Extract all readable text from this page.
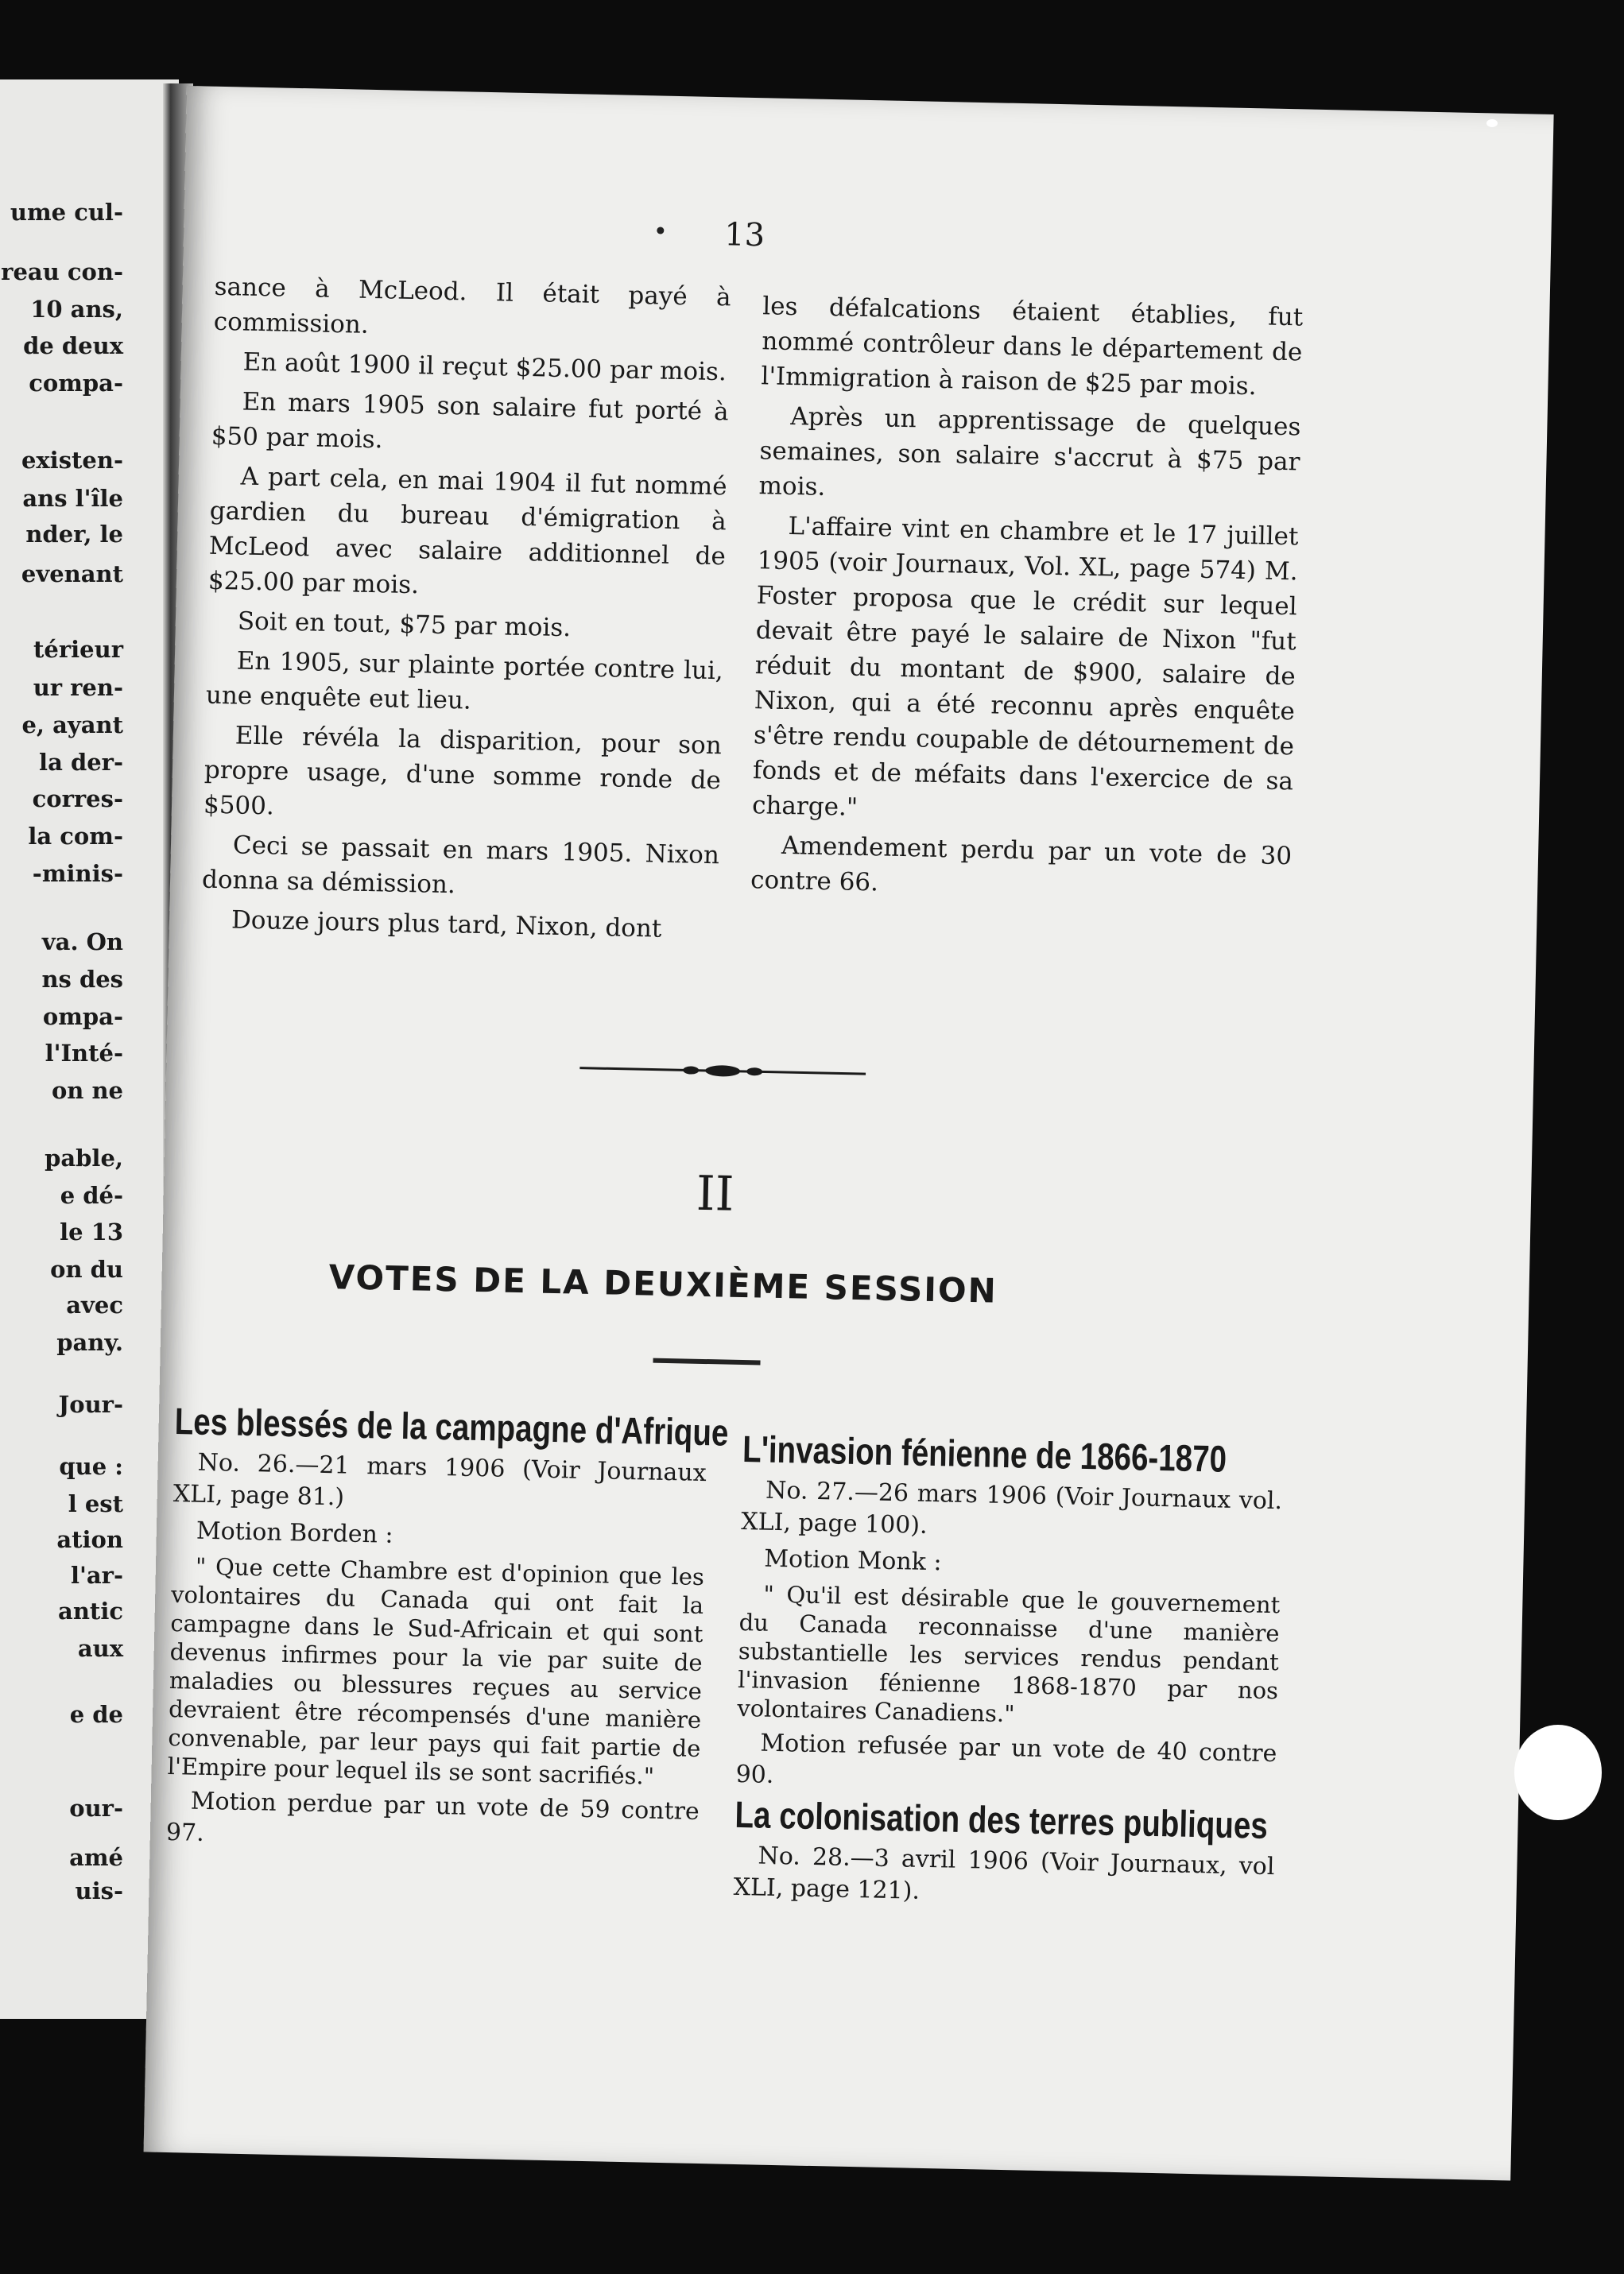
ume cul-
reau con-
10 ans,
de deux
compa-
existen-
ans l'île
nder, le
evenant
térieur
ur ren-
e, ayant
la der-
corres-
la com-
-minis-
va. On
ns des
ompa-
l'Inté-
on ne
pable,
e dé-
le 13
on du
avec
pany.
Jour-
que :
l est
ation
l'ar-
antic
aux
e de
our-
amé
uis-
13

sance à McLeod. Il était payé à commission.

En août 1900 il reçut $25.00 par mois.

En mars 1905 son salaire fut porté à $50 par mois.

A part cela, en mai 1904 il fut nommé gardien du bureau d'émigration à McLeod avec salaire additionnel de $25.00 par mois.

Soit en tout, $75 par mois.

En 1905, sur plainte portée contre lui, une enquête eut lieu.

Elle révéla la disparition, pour son propre usage, d'une somme ronde de $500.

Ceci se passait en mars 1905. Nixon donna sa démission.

Douze jours plus tard, Nixon, dont

les défalcations étaient établies, fut nommé contrôleur dans le département de l'Immigration à raison de $25 par mois.

Après un apprentissage de quelques semaines, son salaire s'accrut à $75 par mois.

L'affaire vint en chambre et le 17 juillet 1905 (voir Journaux, Vol. XL, page 574) M. Foster proposa que le crédit sur lequel devait être payé le salaire de Nixon "fut réduit du montant de $900, salaire de Nixon, qui a été reconnu après enquête s'être rendu coupable de détournement de fonds et de méfaits dans l'exercice de sa charge."

Amendement perdu par un vote de 30 contre 66.

II
VOTES DE LA DEUXIÈME SESSION
Les blessés de la campagne d'Afrique

No. 26.—21 mars 1906 (Voir Journaux XLI, page 81.)

Motion Borden :

" Que cette Chambre est d'opinion que les volontaires du Canada qui ont fait la campagne dans le Sud-Africain et qui sont devenus infirmes pour la vie par suite de maladies ou blessures reçues au service devraient être récompensés d'une manière convenable, par leur pays qui fait partie de l'Empire pour lequel ils se sont sacrifiés."

Motion perdue par un vote de 59 contre 97.

L'invasion fénienne de 1866-1870

No. 27.—26 mars 1906 (Voir Journaux vol. XLI, page 100).

Motion Monk :

" Qu'il est désirable que le gouvernement du Canada reconnaisse d'une manière substantielle les services rendus pendant l'invasion fénienne 1868-1870 par nos volontaires Canadiens."

Motion refusée par un vote de 40 contre 90.

La colonisation des terres publiques

No. 28.—3 avril 1906 (Voir Journaux, vol XLI, page 121).
